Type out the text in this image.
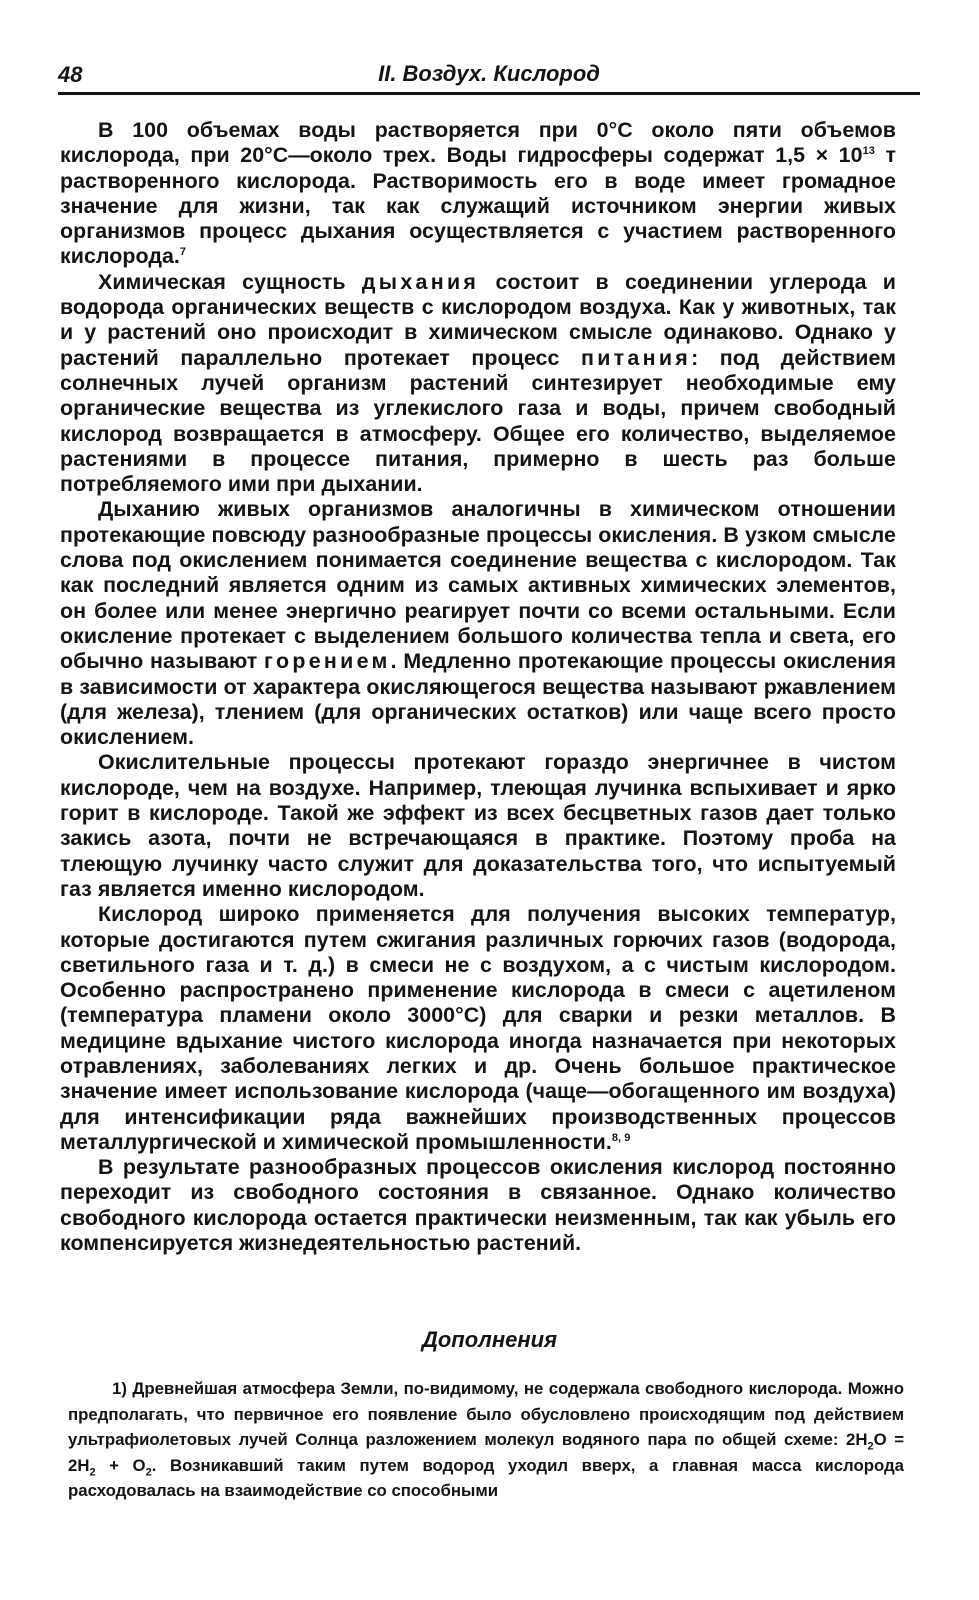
48	II. Воздух. Кислород

В 100 объемах воды растворяется при 0°С около пяти объемов кислорода, при 20°С—около трех. Воды гидросферы содержат $1,5 \times 10^{13}$ т растворенного кислорода. Растворимость его в воде имеет громадное значение для жизни, так как служащий источником энергии живых организмов процесс дыхания осуществляется с участием растворенного кислорода.$^7$

Химическая сущность дыхания состоит в соединении углерода и водорода органических веществ с кислородом воздуха. Как у животных, так и у растений оно происходит в химическом смысле одинаково. Однако у растений параллельно протекает процесс питания: под действием солнечных лучей организм растений синтезирует необходимые ему органические вещества из углекислого газа и воды, причем свободный кислород возвращается в атмосферу. Общее его количество, выделяемое растениями в процессе питания, примерно в шесть раз больше потребляемого ими при дыхании.

Дыханию живых организмов аналогичны в химическом отношении протекающие повсюду разнообразные процессы окисления. В узком смысле слова под окислением понимается соединение вещества с кислородом. Так как последний является одним из самых активных химических элементов, он более или менее энергично реагирует почти со всеми остальными. Если окисление протекает с выделением большого количества тепла и света, его обычно называют горением. Медленно протекающие процессы окисления в зависимости от характера окисляющегося вещества называют ржавлением (для железа), тлением (для органических остатков) или чаще всего просто окислением.

Окислительные процессы протекают гораздо энергичнее в чистом кислороде, чем на воздухе. Например, тлеющая лучинка вспыхивает и ярко горит в кислороде. Такой же эффект из всех бесцветных газов дает только закись азота, почти не встречающаяся в практике. Поэтому проба на тлеющую лучинку часто служит для доказательства того, что испытуемый газ является именно кислородом.

Кислород широко применяется для получения высоких температур, которые достигаются путем сжигания различных горючих газов (водорода, светильного газа и т. д.) в смеси не с воздухом, а с чистым кислородом. Особенно распространено применение кислорода в смеси с ацетиленом (температура пламени около 3000°С) для сварки и резки металлов. В медицине вдыхание чистого кислорода иногда назначается при некоторых отравлениях, заболеваниях легких и др. Очень большое практическое значение имеет использование кислорода (чаще—обогащенного им воздуха) для интенсификации ряда важнейших производственных процессов металлургической и химической промышленности.$^{8, 9}$

В результате разнообразных процессов окисления кислород постоянно переходит из свободного состояния в связанное. Однако количество свободного кислорода остается практически неизменным, так как убыль его компенсируется жизнедеятельностью растений.

Дополнения

1) Древнейшая атмосфера Земли, по-видимому, не содержала свободного кислорода. Можно предполагать, что первичное его появление было обусловлено происходящим под действием ультрафиолетовых лучей Солнца разложением молекул водяного пара по общей схеме: $2H_2O = 2H_2 + O_2$. Возникавший таким путем водород уходил вверх, а главная масса кислорода расходовалась на взаимодействие со способными
